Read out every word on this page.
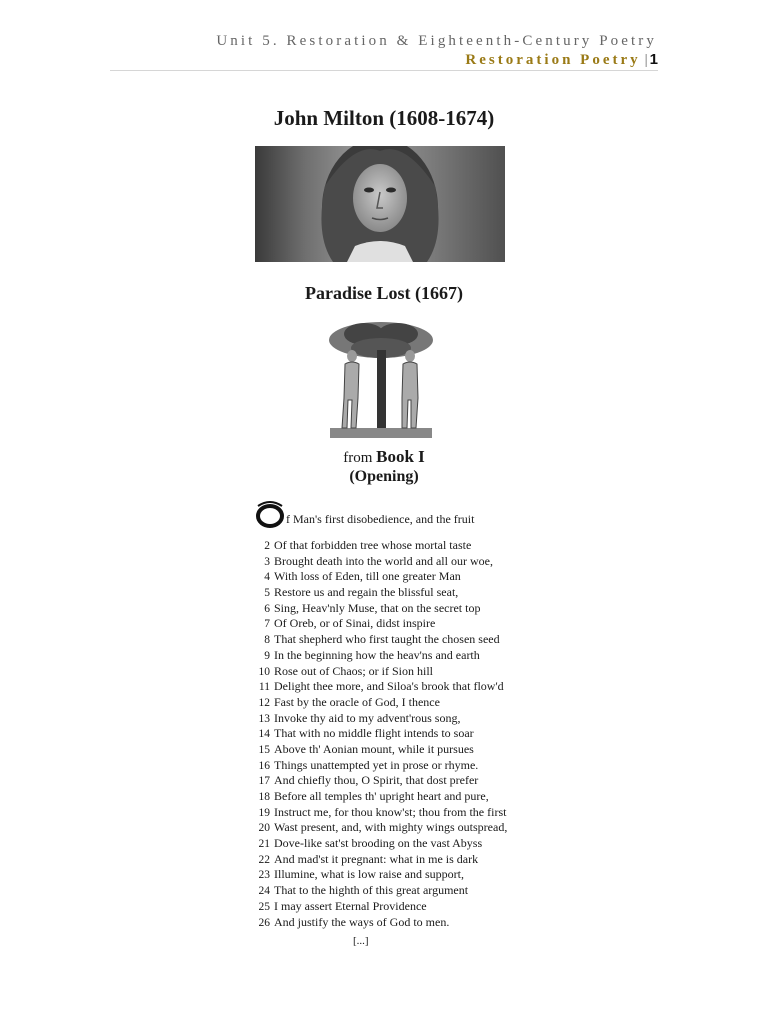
Unit 5. Restoration & Eighteenth-Century Poetry
Restoration Poetry | 1
John Milton (1608-1674)
Paradise Lost (1667)
from Book I
(Opening)
f Man's first disobedience, and the fruit
2 Of that forbidden tree whose mortal taste
3 Brought death into the world and all our woe,
4 With loss of Eden, till one greater Man
5 Restore us and regain the blissful seat,
6 Sing, Heav'nly Muse, that on the secret top
7 Of Oreb, or of Sinai, didst inspire
8 That shepherd who first taught the chosen seed
9 In the beginning how the heav'ns and earth
10 Rose out of Chaos; or if Sion hill
11 Delight thee more, and Siloa's brook that flow'd
12 Fast by the oracle of God, I thence
13 Invoke thy aid to my advent'rous song,
14 That with no middle flight intends to soar
15 Above th' Aonian mount, while it pursues
16 Things unattempted yet in prose or rhyme.
17 And chiefly thou, O Spirit, that dost prefer
18 Before all temples th' upright heart and pure,
19 Instruct me, for thou know'st; thou from the first
20 Wast present, and, with mighty wings outspread,
21 Dove-like sat'st brooding on the vast Abyss
22 And mad'st it pregnant: what in me is dark
23 Illumine, what is low raise and support,
24 That to the highth of this great argument
25 I may assert Eternal Providence
26 And justify the ways of God to men.
[...]
